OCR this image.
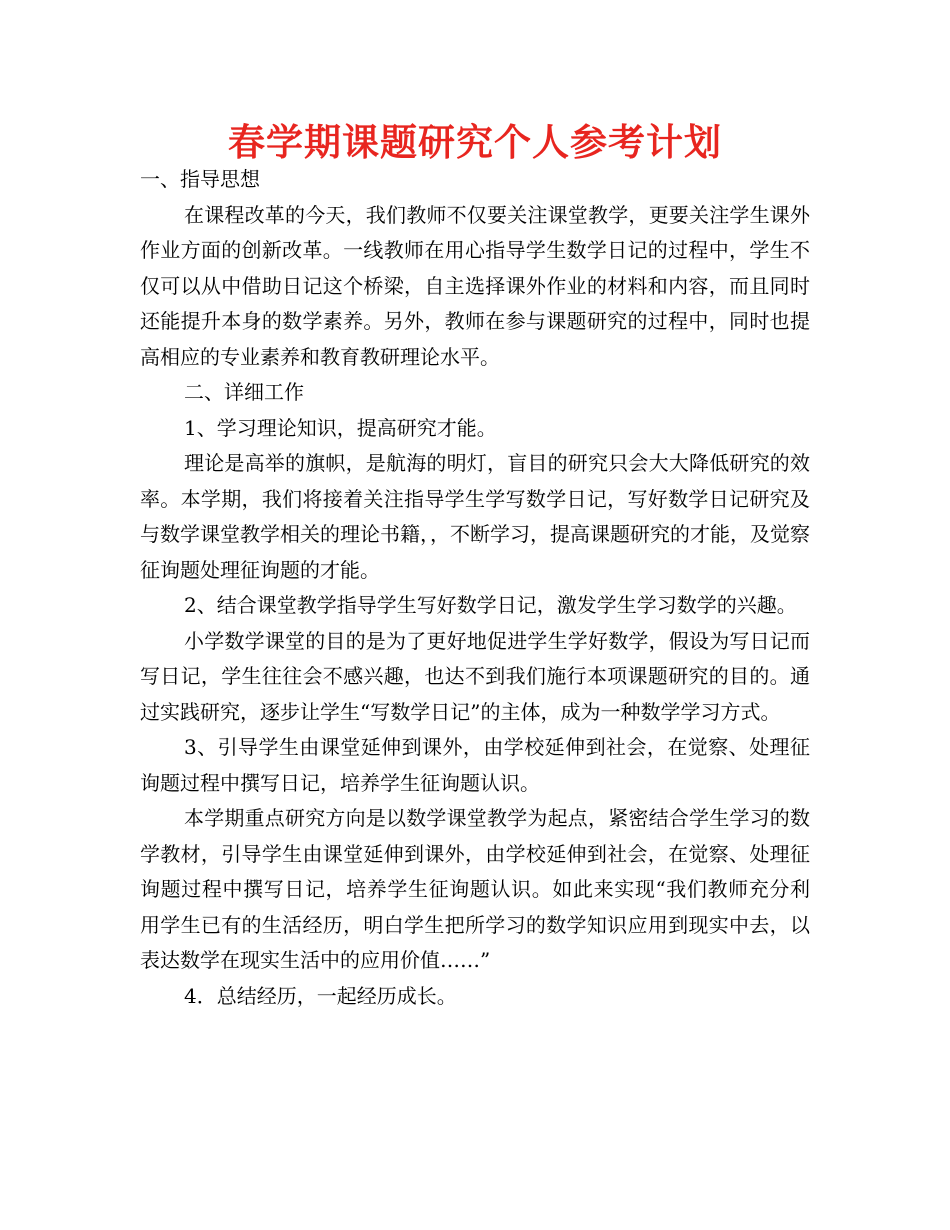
春学期课题研究个人参考计划

一、指导思想

在课程改革的今天，我们教师不仅要关注课堂教学，更要关注学生课外作业方面的创新改革。一线教师在用心指导学生数学日记的过程中，学生不仅可以从中借助日记这个桥梁，自主选择课外作业的材料和内容，而且同时还能提升本身的数学素养。另外，教师在参与课题研究的过程中，同时也提高相应的专业素养和教育教研理论水平。

二、详细工作

1、学习理论知识，提高研究才能。

理论是高举的旗帜，是航海的明灯，盲目的研究只会大大降低研究的效率。本学期，我们将接着关注指导学生学写数学日记，写好数学日记研究及与数学课堂教学相关的理论书籍，，不断学习，提高课题研究的才能，及觉察征询题处理征询题的才能。

2、结合课堂教学指导学生写好数学日记，激发学生学习数学的兴趣。

小学数学课堂的目的是为了更好地促进学生学好数学，假设为写日记而写日记，学生往往会不感兴趣，也达不到我们施行本项课题研究的目的。通过实践研究，逐步让学生“写数学日记”的主体，成为一种数学学习方式。

3、引导学生由课堂延伸到课外，由学校延伸到社会，在觉察、处理征询题过程中撰写日记，培养学生征询题认识。

本学期重点研究方向是以数学课堂教学为起点，紧密结合学生学习的数学教材，引导学生由课堂延伸到课外，由学校延伸到社会，在觉察、处理征询题过程中撰写日记，培养学生征询题认识。如此来实现“我们教师充分利用学生已有的生活经历，明白学生把所学习的数学知识应用到现实中去，以表达数学在现实生活中的应用价值……”

4．总结经历，一起经历成长。
